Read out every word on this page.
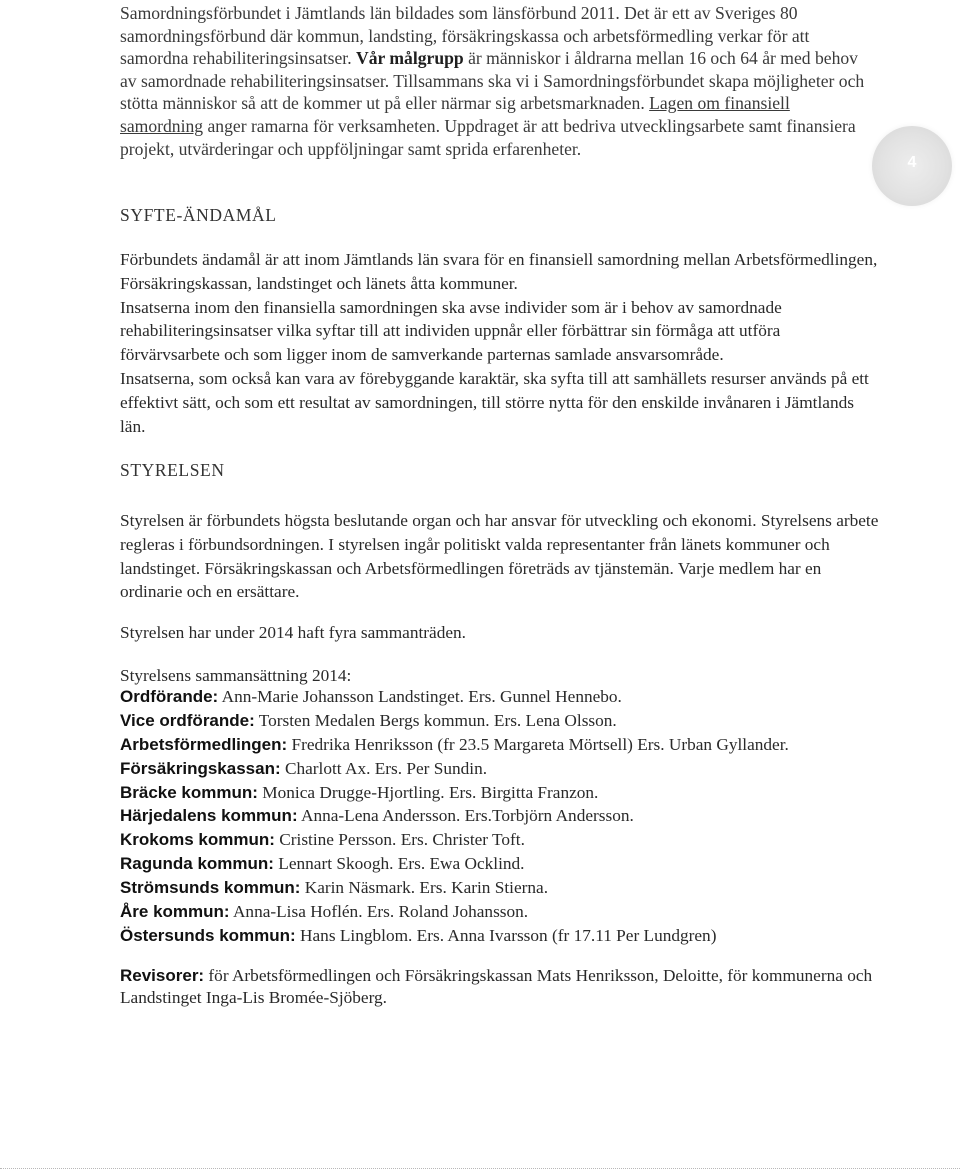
Samordningsförbundet i Jämtlands län bildades som länsförbund 2011. Det är ett av Sveriges 80 samordningsförbund där kommun, landsting, försäkringskassa och arbetsförmedling verkar för att samordna rehabiliteringsinsatser. Vår målgrupp är människor i åldrarna mellan 16 och 64 år med behov av samordnade rehabiliteringsinsatser. Tillsammans ska vi i Samordningsförbundet skapa möjligheter och stötta människor så att de kommer ut på eller närmar sig arbetsmarknaden. Lagen om finansiell samordning anger ramarna för verksamheten. Uppdraget är att bedriva utvecklingsarbete samt finansiera projekt, utvärderingar och uppföljningar samt sprida erfarenheter.

4
SYFTE-ÄNDAMÅL

Förbundets ändamål är att inom Jämtlands län svara för en finansiell samordning mellan Arbetsförmedlingen, Försäkringskassan, landstinget och länets åtta kommuner.

Insatserna inom den finansiella samordningen ska avse individer som är i behov av samordnade rehabiliteringsinsatser vilka syftar till att individen uppnår eller förbättrar sin förmåga att utföra förvärvsarbete och som ligger inom de samverkande parternas samlade ansvarsområde.

Insatserna, som också kan vara av förebyggande karaktär, ska syfta till att samhällets resurser används på ett effektivt sätt, och som ett resultat av samordningen, till större nytta för den enskilde invånaren i Jämtlands län.

STYRELSEN

Styrelsen är förbundets högsta beslutande organ och har ansvar för utveckling och ekonomi. Styrelsens arbete regleras i förbundsordningen. I styrelsen ingår politiskt valda representanter från länets kommuner och landstinget. Försäkringskassan och Arbetsförmedlingen företräds av tjänstemän. Varje medlem har en ordinarie och en ersättare.

Styrelsen har under 2014 haft fyra sammanträden.

Styrelsens sammansättning 2014:

Ordförande: Ann-Marie Johansson Landstinget. Ers. Gunnel Hennebo.
Vice ordförande: Torsten Medalen Bergs kommun. Ers. Lena Olsson.
Arbetsförmedlingen: Fredrika Henriksson (fr 23.5 Margareta Mörtsell) Ers. Urban Gyllander.
Försäkringskassan: Charlott Ax. Ers. Per Sundin.
Bräcke kommun: Monica Drugge-Hjortling. Ers. Birgitta Franzon.
Härjedalens kommun: Anna-Lena Andersson. Ers.Torbjörn Andersson.
Krokoms kommun: Cristine Persson. Ers. Christer Toft.
Ragunda kommun: Lennart Skoogh. Ers. Ewa Ocklind.
Strömsunds kommun: Karin Näsmark. Ers. Karin Stierna.
Åre kommun: Anna-Lisa Hoflén. Ers. Roland Johansson.
Östersunds kommun: Hans Lingblom. Ers. Anna Ivarsson (fr 17.11 Per Lundgren)

Revisorer: för Arbetsförmedlingen och Försäkringskassan Mats Henriksson, Deloitte, för kommunerna och Landstinget Inga-Lis Bromée-Sjöberg.
